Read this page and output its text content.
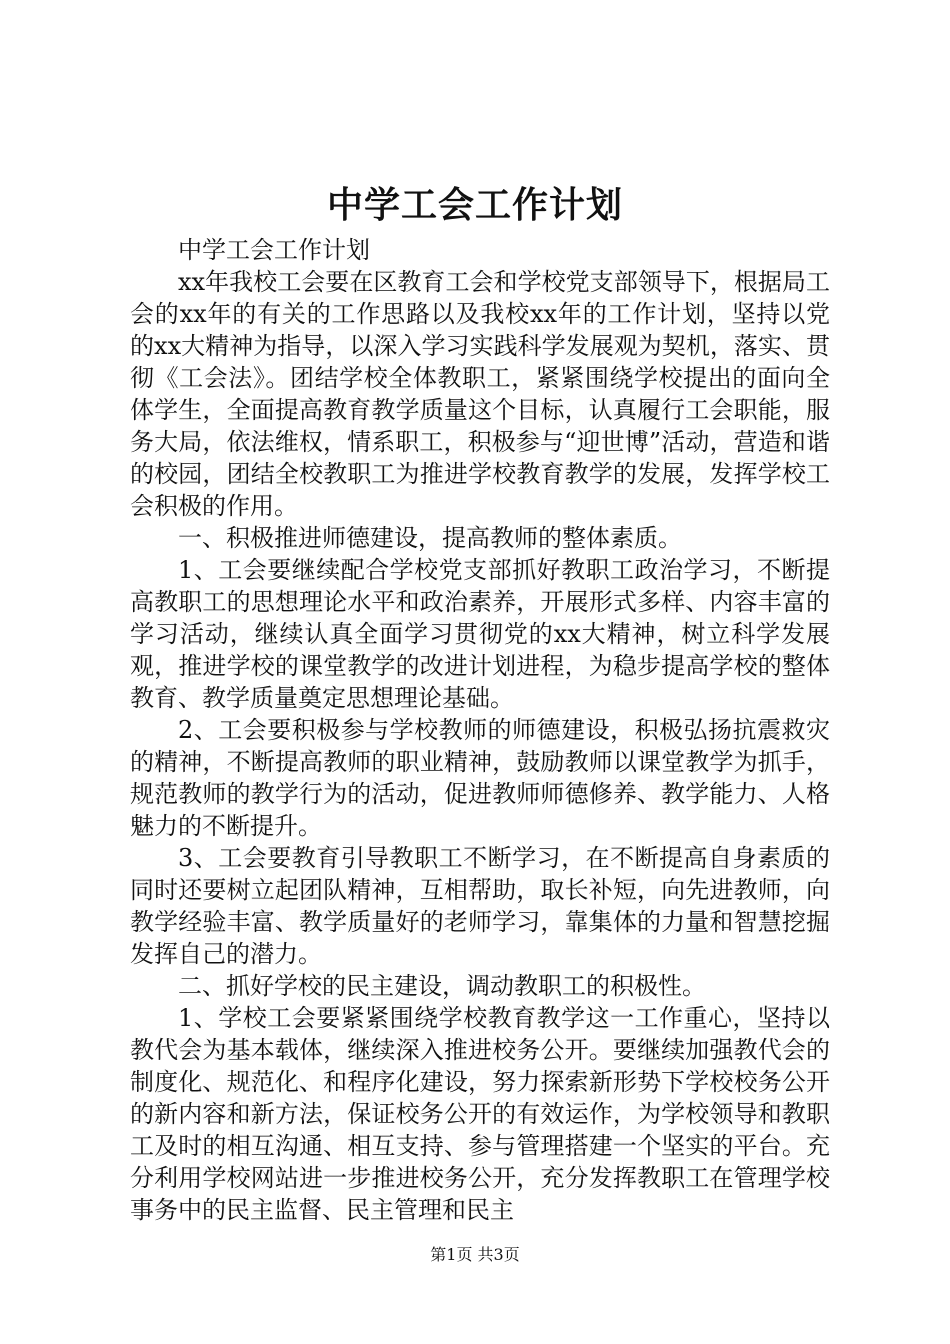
中学工会工作计划

中学工会工作计划

xx年我校工会要在区教育工会和学校党支部领导下，根据局工会的xx年的有关的工作思路以及我校xx年的工作计划，坚持以党的xx大精神为指导，以深入学习实践科学发展观为契机，落实、贯彻《工会法》。团结学校全体教职工，紧紧围绕学校提出的面向全体学生，全面提高教育教学质量这个目标，认真履行工会职能，服务大局，依法维权，情系职工，积极参与“迎世博”活动，营造和谐的校园，团结全校教职工为推进学校教育教学的发展，发挥学校工会积极的作用。

一、积极推进师德建设，提高教师的整体素质。

1、工会要继续配合学校党支部抓好教职工政治学习，不断提高教职工的思想理论水平和政治素养，开展形式多样、内容丰富的学习活动，继续认真全面学习贯彻党的xx大精神，树立科学发展观，推进学校的课堂教学的改进计划进程，为稳步提高学校的整体教育、教学质量奠定思想理论基础。

2、工会要积极参与学校教师的师德建设，积极弘扬抗震救灾的精神，不断提高教师的职业精神，鼓励教师以课堂教学为抓手，规范教师的教学行为的活动，促进教师师德修养、教学能力、人格魅力的不断提升。

3、工会要教育引导教职工不断学习，在不断提高自身素质的同时还要树立起团队精神，互相帮助，取长补短，向先进教师，向教学经验丰富、教学质量好的老师学习，靠集体的力量和智慧挖掘发挥自己的潜力。

二、抓好学校的民主建设，调动教职工的积极性。

1、学校工会要紧紧围绕学校教育教学这一工作重心，坚持以教代会为基本载体，继续深入推进校务公开。要继续加强教代会的制度化、规范化、和程序化建设，努力探索新形势下学校校务公开的新内容和新方法，保证校务公开的有效运作，为学校领导和教职工及时的相互沟通、相互支持、参与管理搭建一个坚实的平台。充分利用学校网站进一步推进校务公开，充分发挥教职工在管理学校事务中的民主监督、民主管理和民主

第1页 共3页
